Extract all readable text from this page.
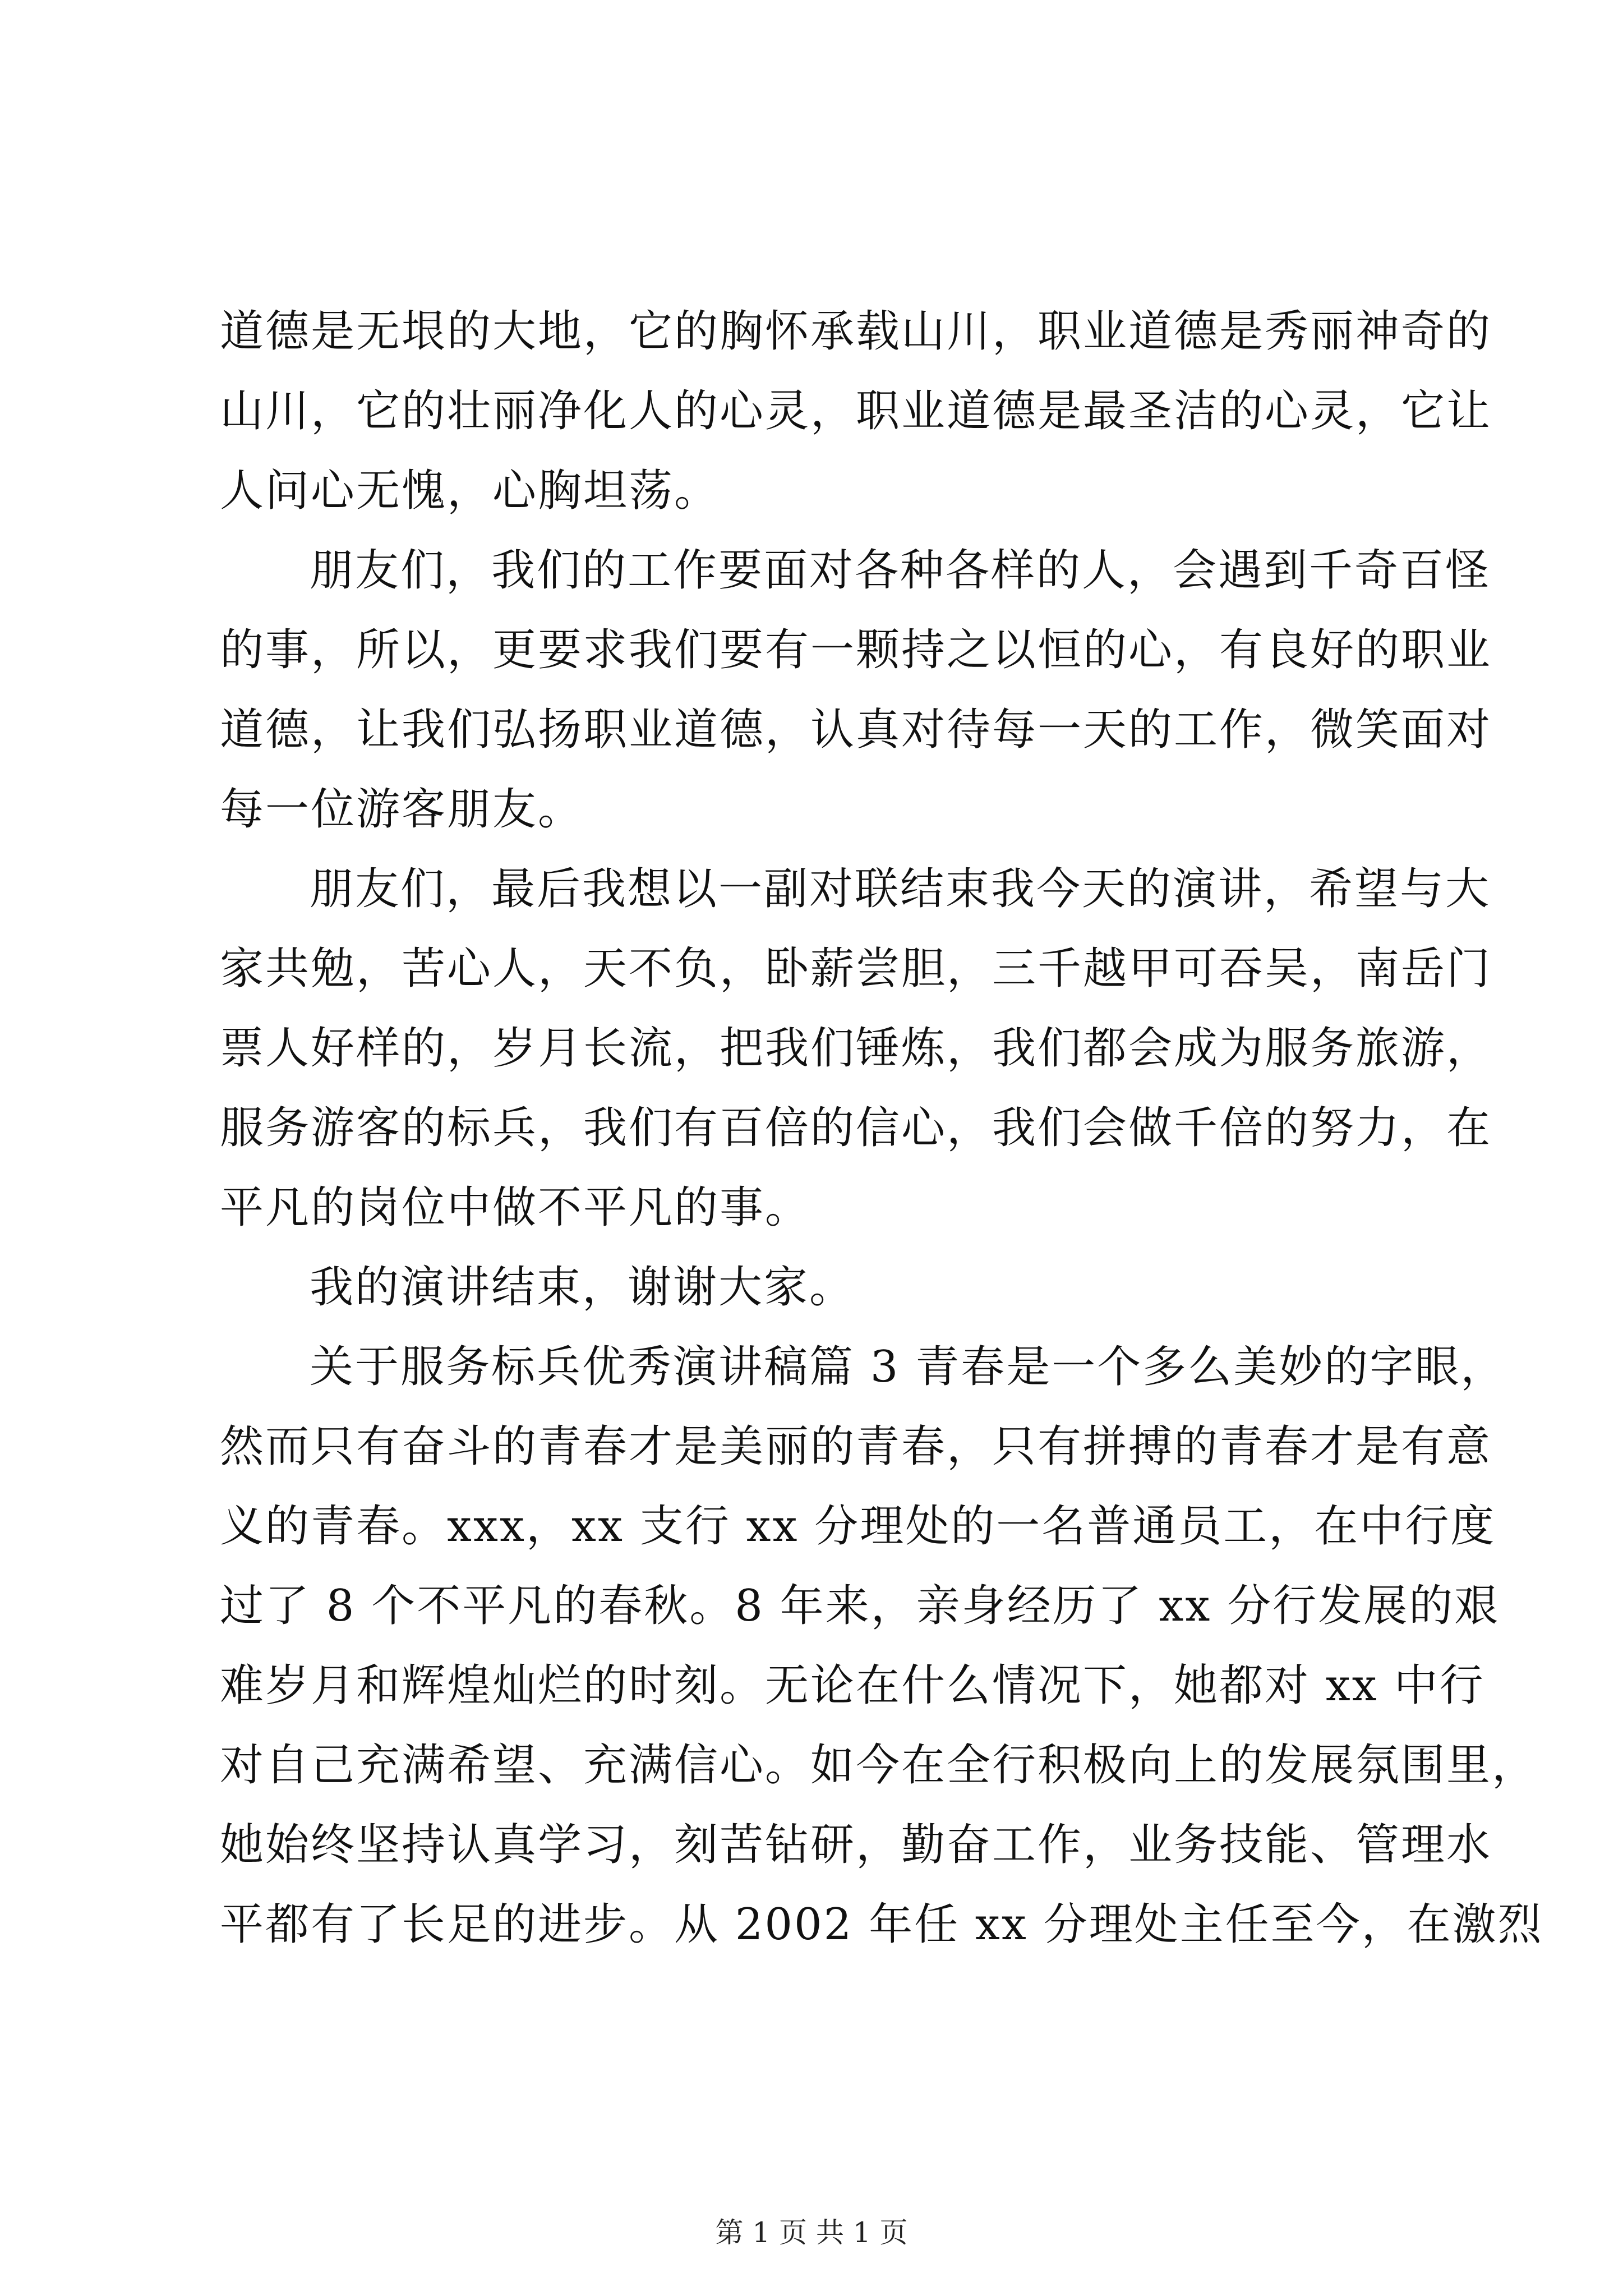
道德是无垠的大地，它的胸怀承载山川，职业道德是秀丽神奇的
山川，它的壮丽净化人的心灵，职业道德是最圣洁的心灵，它让
人问心无愧，心胸坦荡。
朋友们，我们的工作要面对各种各样的人，会遇到千奇百怪
的事，所以，更要求我们要有一颗持之以恒的心，有良好的职业
道德，让我们弘扬职业道德，认真对待每一天的工作，微笑面对
每一位游客朋友。
朋友们，最后我想以一副对联结束我今天的演讲，希望与大
家共勉，苦心人，天不负，卧薪尝胆，三千越甲可吞吴，南岳门
票人好样的，岁月长流，把我们锤炼，我们都会成为服务旅游，
服务游客的标兵，我们有百倍的信心，我们会做千倍的努力，在
平凡的岗位中做不平凡的事。
我的演讲结束，谢谢大家。
关于服务标兵优秀演讲稿篇 3 青春是一个多么美妙的字眼，
然而只有奋斗的青春才是美丽的青春，只有拼搏的青春才是有意
义的青春。xxx，xx 支行 xx 分理处的一名普通员工，在中行度
过了 8 个不平凡的春秋。8 年来，亲身经历了 xx 分行发展的艰
难岁月和辉煌灿烂的时刻。无论在什么情况下，她都对 xx 中行
对自己充满希望、充满信心。如今在全行积极向上的发展氛围里，
她始终坚持认真学习，刻苦钻研，勤奋工作，业务技能、管理水
平都有了长足的进步。从 2002 年任 xx 分理处主任至今，在激烈
第 1 页 共 1 页
